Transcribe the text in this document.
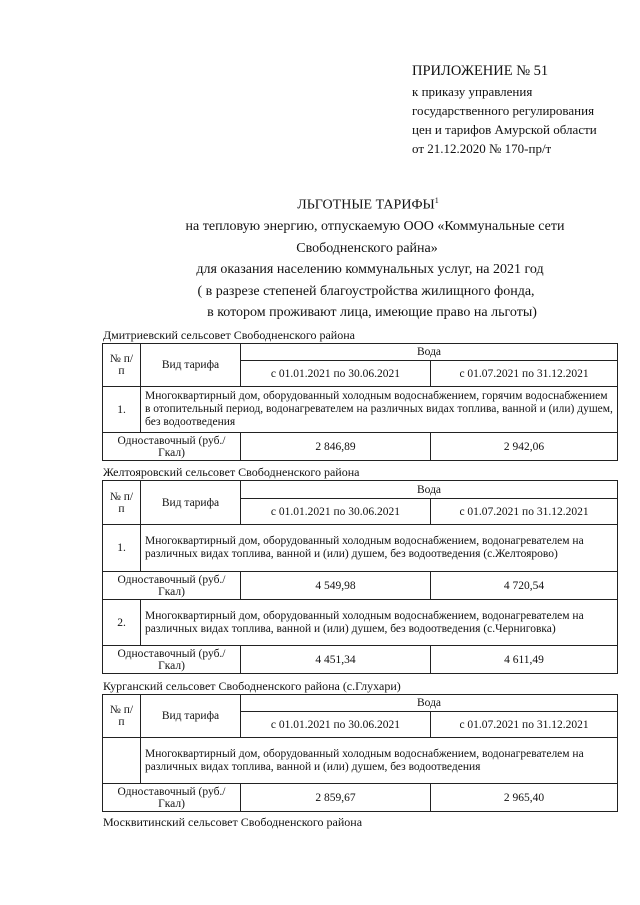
ПРИЛОЖЕНИЕ № 51
к приказу управления
государственного регулирования
цен и тарифов Амурской области
от 21.12.2020 № 170-пр/т
ЛЬГОТНЫЕ ТАРИФЫ$^1$
на тепловую энергию, отпускаемую ООО «Коммунальные сети
Свободненского райна»
для оказания населению коммунальных услуг, на 2021 год
( в разрезе степеней благоустройства жилищного фонда,
в котором проживают лица, имеющие право на льготы)
Дмитриевский сельсовет Свободненского района
№ п/п	Вид тарифа	Вода	
		с 01.01.2021 по 30.06.2021	с 01.07.2021 по 31.12.2021
1.	Многоквартирный дом, оборудованный холодным водоснабжением, горячим водоснабжением в отопительный период, водонагревателем на различных видах топлива, ванной и (или) душем, без водоотведения		
Одноставочный (руб./Гкал)		2 846,89	2 942,06
Желтояровский сельсовет Свободненского района
№ п/п	Вид тарифа	Вода	
		с 01.01.2021 по 30.06.2021	с 01.07.2021 по 31.12.2021
1.	Многоквартирный дом, оборудованный холодным водоснабжением, водонагревателем на различных видах топлива, ванной и (или) душем, без водоотведения (с.Желтоярово)		
Одноставочный (руб./Гкал)		4 549,98	4 720,54
2.	Многоквартирный дом, оборудованный холодным водоснабжением, водонагревателем на различных видах топлива, ванной и (или) душем, без водоотведения (с.Черниговка)		
Одноставочный (руб./Гкал)		4 451,34	4 611,49
Курганский сельсовет Свободненского района (с.Глухари)
№ п/п	Вид тарифа	Вода	
		с 01.01.2021 по 30.06.2021	с 01.07.2021 по 31.12.2021
	Многоквартирный дом, оборудованный холодным водоснабжением, водонагревателем на различных видах топлива, ванной и (или) душем, без водоотведения		
Одноставочный (руб./Гкал)		2 859,67	2 965,40
Москвитинский сельсовет Свободненского района
